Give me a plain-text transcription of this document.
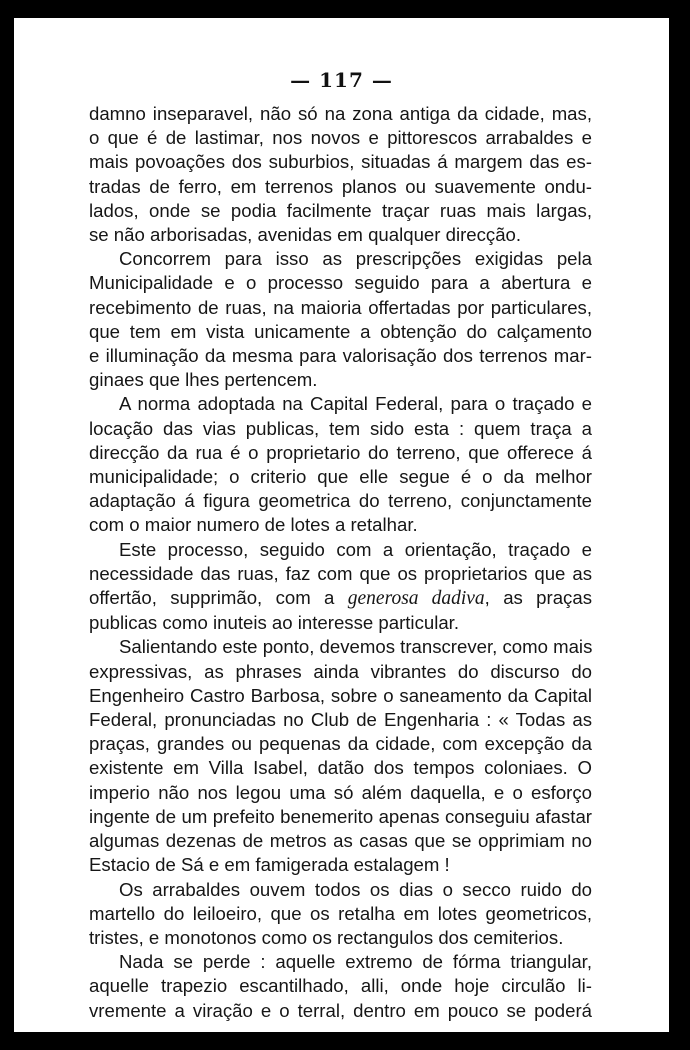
— 117 —
damno inseparavel, não só na zona antiga da cidade, mas,
o que é de lastimar, nos novos e pittorescos arrabaldes e
mais povoações dos suburbios, situadas á margem das es-
tradas de ferro, em terrenos planos ou suavemente ondu-
lados, onde se podia facilmente traçar ruas mais largas,
se não arborisadas, avenidas em qualquer direcção.
Concorrem para isso as prescripções exigidas pela
Municipalidade e o processo seguido para a abertura e
recebimento de ruas, na maioria offertadas por particulares,
que tem em vista unicamente a obtenção do calçamento
e illuminação da mesma para valorisação dos terrenos mar-
ginaes que lhes pertencem.
A norma adoptada na Capital Federal, para o traçado e
locação das vias publicas, tem sido esta : quem traça a
direcção da rua é o proprietario do terreno, que offerece á
municipalidade; o criterio que elle segue é o da melhor
adaptação á figura geometrica do terreno, conjunctamente
com o maior numero de lotes a retalhar.
Este processo, seguido com a orientação, traçado e
necessidade das ruas, faz com que os proprietarios que as
offertão, supprimão, com a generosa dadiva, as praças
publicas como inuteis ao interesse particular.
Salientando este ponto, devemos transcrever, como mais
expressivas, as phrases ainda vibrantes do discurso do
Engenheiro Castro Barbosa, sobre o saneamento da Capital
Federal, pronunciadas no Club de Engenharia : « Todas as
praças, grandes ou pequenas da cidade, com excepção da
existente em Villa Isabel, datão dos tempos coloniaes. O
imperio não nos legou uma só além daquella, e o esforço
ingente de um prefeito benemerito apenas conseguiu afastar
algumas dezenas de metros as casas que se opprimiam no
Estacio de Sá e em famigerada estalagem !
Os arrabaldes ouvem todos os dias o secco ruido do
martello do leiloeiro, que os retalha em lotes geometricos,
tristes, e monotonos como os rectangulos dos cemiterios.
Nada se perde : aquelle extremo de fórma triangular,
aquelle trapezio escantilhado, alli, onde hoje circulão li-
vremente a viração e o terral, dentro em pouco se poderá
